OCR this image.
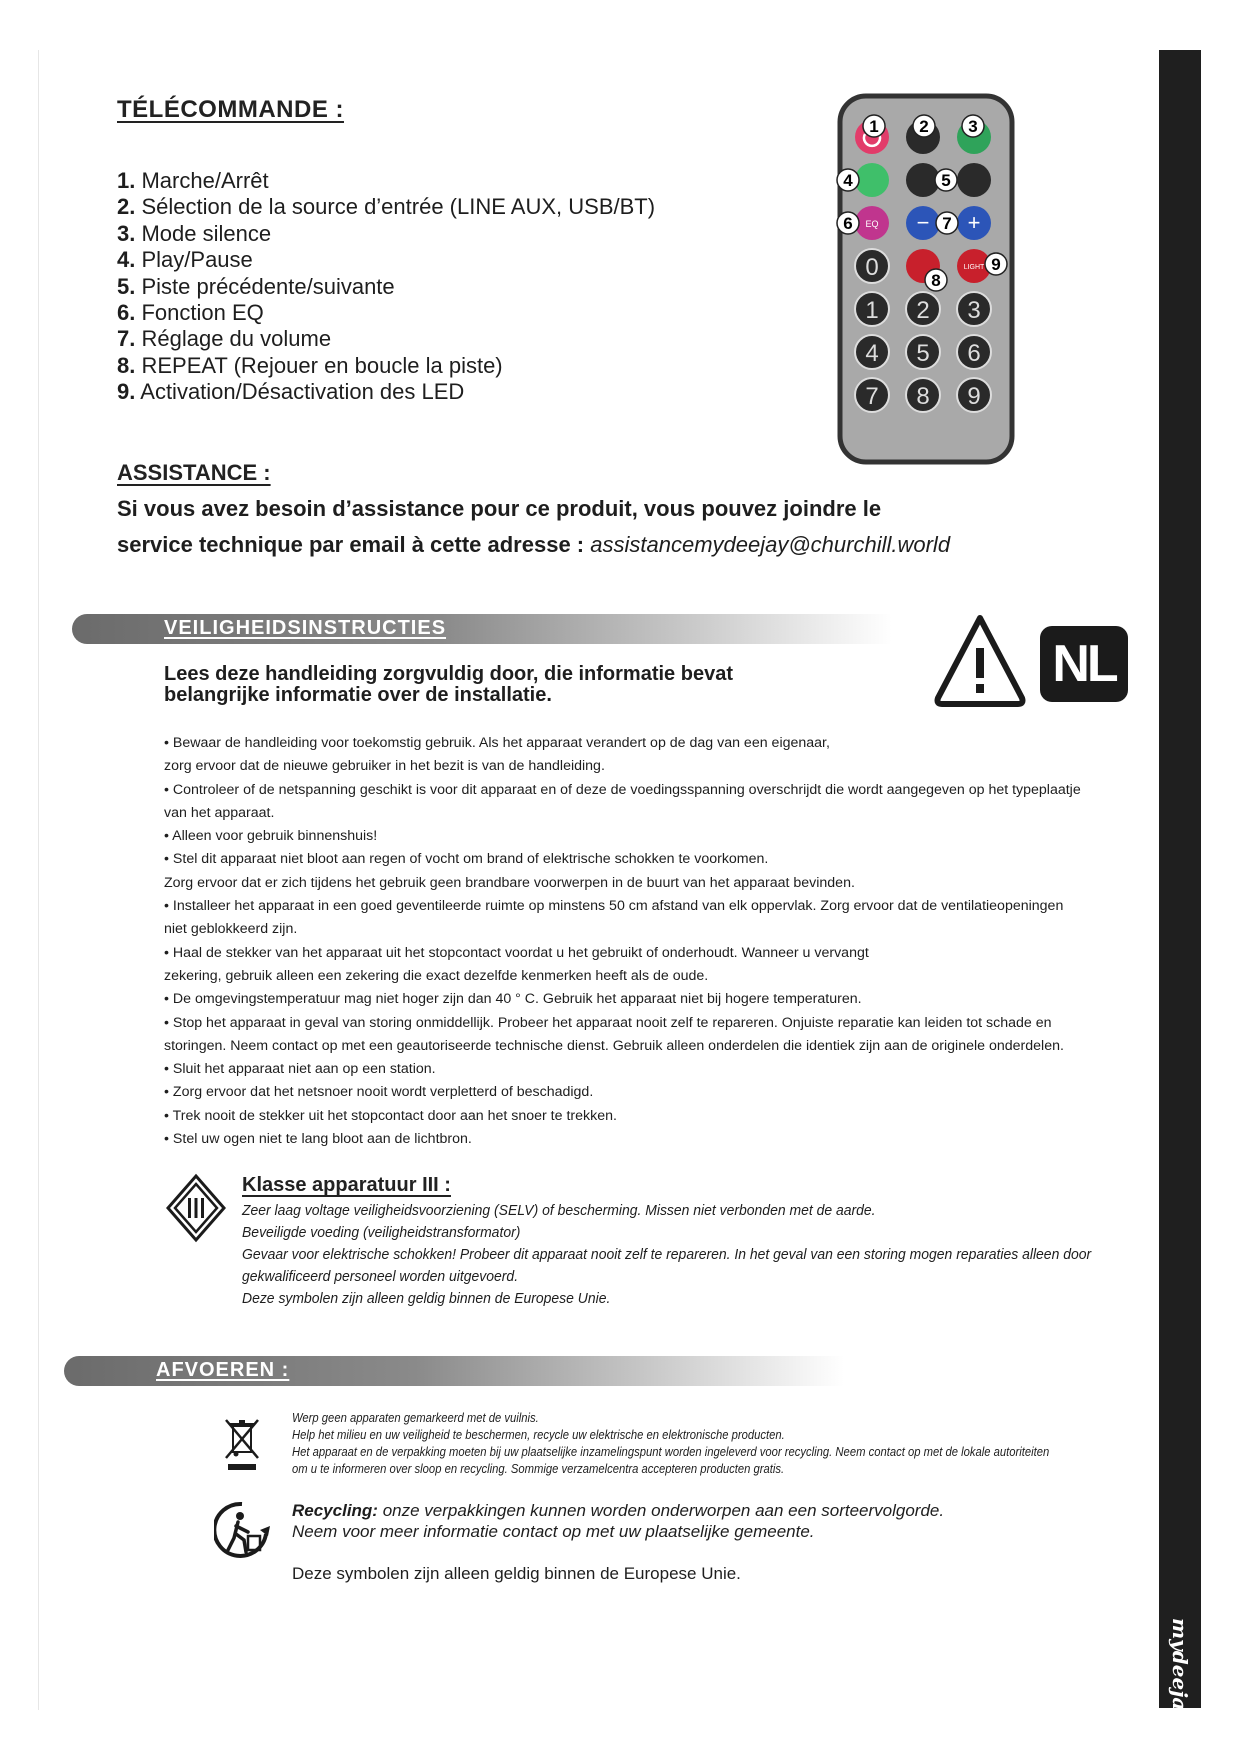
mydeejay
TÉLÉCOMMANDE :
1. Marche/Arrêt
2. Sélection de la source d’entrée (LINE AUX, USB/BT)
3. Mode silence
4. Play/Pause
5. Piste précédente/suivante
6. Fonction EQ
7. Réglage du volume
8. REPEAT (Rejouer en boucle la piste)
9. Activation/Désactivation des LED
EQ − +
0	LIGHT
1 2 3
4 5 6
7 8 9
1 2 3
4	5
6	7
8
9
ASSISTANCE :
Si vous avez besoin d’assistance pour ce produit, vous pouvez joindre le
service technique par email à cette adresse : assistancemydeejay@churchill.world
VEILIGHEIDSINSTRUCTIES
NL
Lees deze handleiding zorgvuldig door, die informatie bevat belangrijke informatie over de installatie.
• Bewaar de handleiding voor toekomstig gebruik. Als het apparaat verandert op de dag van een eigenaar,
zorg ervoor dat de nieuwe gebruiker in het bezit is van de handleiding.
• Controleer of de netspanning geschikt is voor dit apparaat en of deze de voedingsspanning overschrijdt die wordt aangegeven op het typeplaatje
van het apparaat.
• Alleen voor gebruik binnenshuis!
• Stel dit apparaat niet bloot aan regen of vocht om brand of elektrische schokken te voorkomen.
Zorg ervoor dat er zich tijdens het gebruik geen brandbare voorwerpen in de buurt van het apparaat bevinden.
• Installeer het apparaat in een goed geventileerde ruimte op minstens 50 cm afstand van elk oppervlak. Zorg ervoor dat de ventilatieopeningen
niet geblokkeerd zijn.
• Haal de stekker van het apparaat uit het stopcontact voordat u het gebruikt of onderhoudt. Wanneer u vervangt
zekering, gebruik alleen een zekering die exact dezelfde kenmerken heeft als de oude.
• De omgevingstemperatuur mag niet hoger zijn dan 40 ° C. Gebruik het apparaat niet bij hogere temperaturen.
• Stop het apparaat in geval van storing onmiddellijk. Probeer het apparaat nooit zelf te repareren. Onjuiste reparatie kan leiden tot schade en
storingen. Neem contact op met een geautoriseerde technische dienst. Gebruik alleen onderdelen die identiek zijn aan de originele onderdelen.
• Sluit het apparaat niet aan op een station.
• Zorg ervoor dat het netsnoer nooit wordt verpletterd of beschadigd.
• Trek nooit de stekker uit het stopcontact door aan het snoer te trekken.
• Stel uw ogen niet te lang bloot aan de lichtbron.
Klasse apparatuur III :
Zeer laag voltage veiligheidsvoorziening (SELV) of bescherming. Missen niet verbonden met de aarde.
Beveiligde voeding (veiligheidstransformator)
Gevaar voor elektrische schokken! Probeer dit apparaat nooit zelf te repareren. In het geval van een storing mogen reparaties alleen door
gekwalificeerd personeel worden uitgevoerd.
Deze symbolen zijn alleen geldig binnen de Europese Unie.
AFVOEREN :
Werp geen apparaten gemarkeerd met de vuilnis.
Help het milieu en uw veiligheid te beschermen, recycle uw elektrische en elektronische producten.
Het apparaat en de verpakking moeten bij uw plaatselijke inzamelingspunt worden ingeleverd voor recycling. Neem contact op met de lokale autoriteiten
om u te informeren over sloop en recycling. Sommige verzamelcentra accepteren producten gratis.
Recycling: onze verpakkingen kunnen worden onderworpen aan een sorteervolgorde.
Neem voor meer informatie contact op met uw plaatselijke gemeente.
Deze symbolen zijn alleen geldig binnen de Europese Unie.
